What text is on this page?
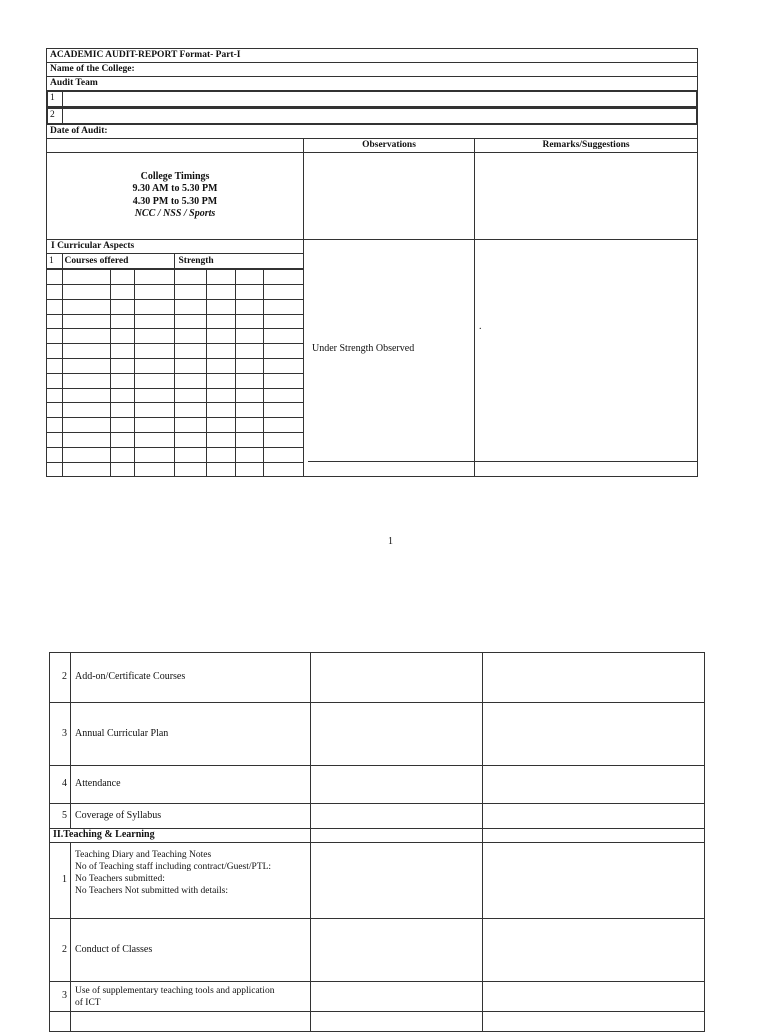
ACADEMIC AUDIT-REPORT Format- Part-I
Name of the College:
Audit Team

1	

2	

Date of Audit:
	Observations	Remarks/Suggestions

College Timings
9.30 AM to 5.30 PM
4.30 PM to 5.30 PM
NCC / NSS / Sports

I Curricular Aspects
1	Courses offered	Strength

Under Strength Observed

.
1
2	Add-on/Certificate Courses		
3	Annual Curricular Plan		
4	Attendance		
5	Coverage of Syllabus		
II.Teaching & Learning			
1	Teaching Diary and Teaching Notes
No of Teaching staff including contract/Guest/PTL:
No Teachers submitted:
No Teachers Not submitted with details:		

2	Conduct of Classes		
3	Use of supplementary teaching tools and application
of ICT		
